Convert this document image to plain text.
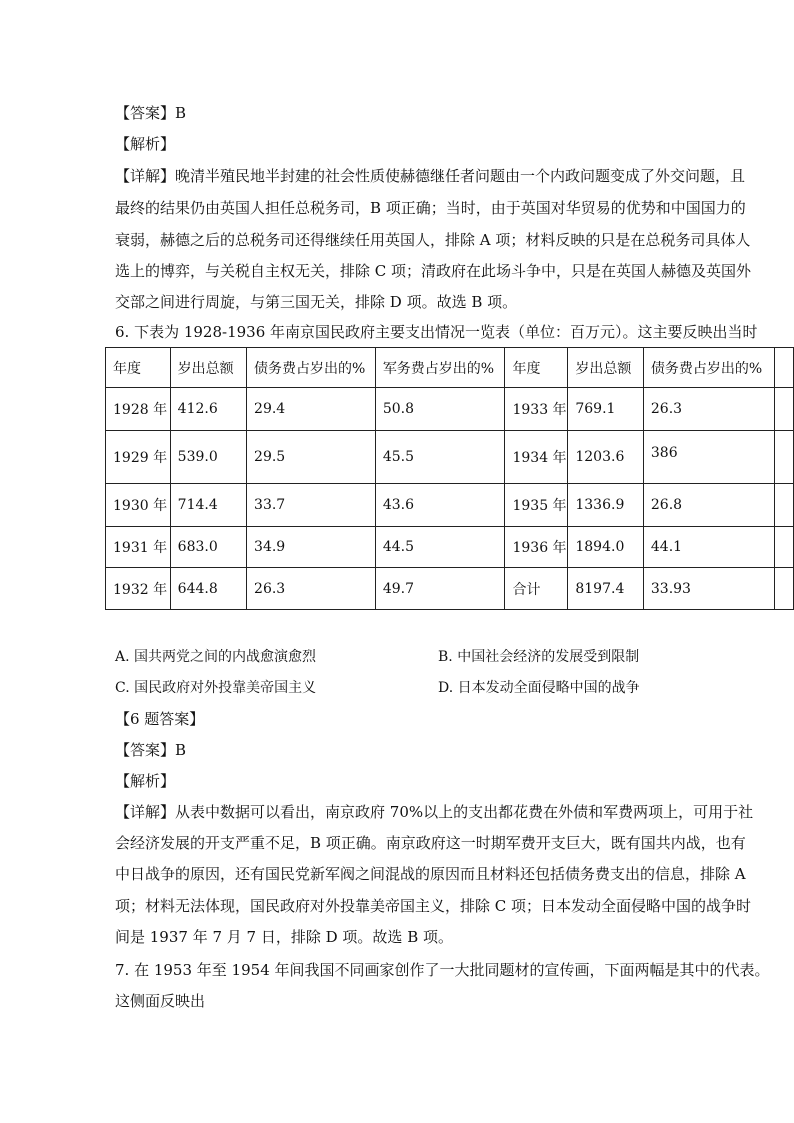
【答案】B
【解析】
【详解】晚清半殖民地半封建的社会性质使赫德继任者问题由一个内政问题变成了外交问题，且
最终的结果仍由英国人担任总税务司，B 项正确；当时，由于英国对华贸易的优势和中国国力的
衰弱，赫德之后的总税务司还得继续任用英国人，排除 A 项；材料反映的只是在总税务司具体人
选上的博弈，与关税自主权无关，排除 C 项；清政府在此场斗争中，只是在英国人赫德及英国外
交部之间进行周旋，与第三国无关，排除 D 项。故选 B 项。
6. 下表为 1928-1936 年南京国民政府主要支出情况一览表（单位：百万元）。这主要反映出当时
年度	岁出总额	债务费占岁出的%	军务费占岁出的%	年度	岁出总额	债务费占岁出的%	
1928 年	412.6	29.4	50.8	1933 年	769.1	26.3	
1929 年	539.0	29.5	45.5	1934 年	1203.6	386	
1930 年	714.4	33.7	43.6	1935 年	1336.9	26.8	
1931 年	683.0	34.9	44.5	1936 年	1894.0	44.1	
1932 年	644.8	26.3	49.7	合计	8197.4	33.93	
A. 国共两党之间的内战愈演愈烈	B. 中国社会经济的发展受到限制
C. 国民政府对外投靠美帝国主义	D. 日本发动全面侵略中国的战争
【6 题答案】
【答案】B
【解析】
【详解】从表中数据可以看出，南京政府 70%以上的支出都花费在外债和军费两项上，可用于社
会经济发展的开支严重不足，B 项正确。南京政府这一时期军费开支巨大，既有国共内战，也有
中日战争的原因，还有国民党新军阀之间混战的原因而且材料还包括债务费支出的信息，排除 A
项；材料无法体现，国民政府对外投靠美帝国主义，排除 C 项；日本发动全面侵略中国的战争时
间是 1937 年 7 月 7 日，排除 D 项。故选 B 项。
7. 在 1953 年至 1954 年间我国不同画家创作了一大批同题材的宣传画，下面两幅是其中的代表。
这侧面反映出
